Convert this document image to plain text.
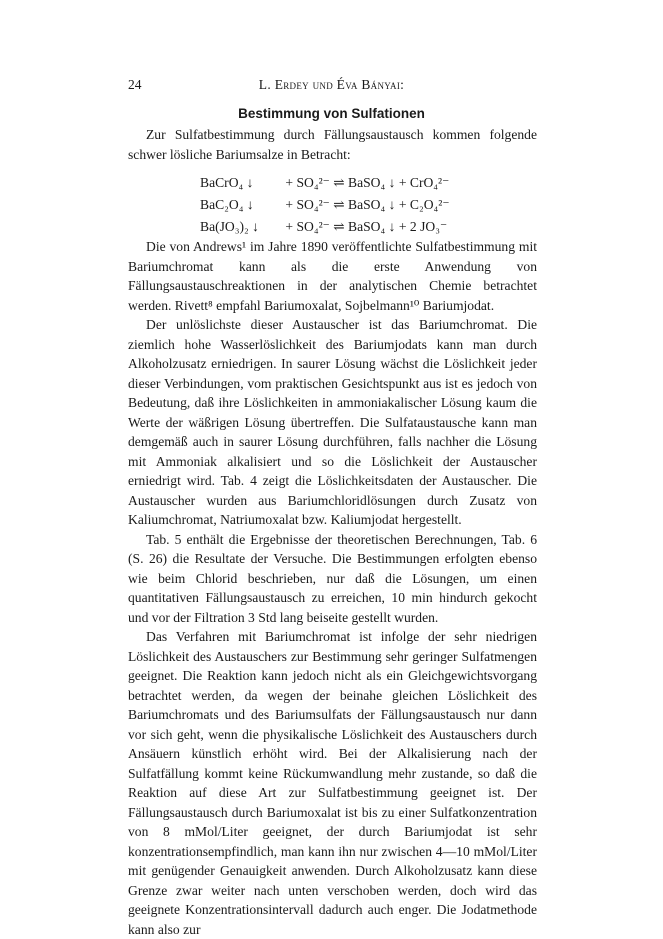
24	L. Erdey und Éva Bányai:
Bestimmung von Sulfationen

Zur Sulfatbestimmung durch Fällungsaustausch kommen folgende schwer lösliche Bariumsalze in Betracht:

BaCrO₄ ↓ + SO₄²⁻ ⇌ BaSO₄ ↓ + CrO₄²⁻
BaC₂O₄ ↓ + SO₄²⁻ ⇌ BaSO₄ ↓ + C₂O₄²⁻
Ba(JO₃)₂ ↓ + SO₄²⁻ ⇌ BaSO₄ ↓ + 2 JO₃⁻

Die von Andrews¹ im Jahre 1890 veröffentlichte Sulfatbestimmung mit Bariumchromat kann als die erste Anwendung von Fällungsaustauschreaktionen in der analytischen Chemie betrachtet werden. Rivett⁸ empfahl Bariumoxalat, Sojbelmann¹⁰ Bariumjodat.

Der unlöslichste dieser Austauscher ist das Bariumchromat. Die ziemlich hohe Wasserlöslichkeit des Bariumjodats kann man durch Alkoholzusatz erniedrigen. In saurer Lösung wächst die Löslichkeit jeder dieser Verbindungen, vom praktischen Gesichtspunkt aus ist es jedoch von Bedeutung, daß ihre Löslichkeiten in ammoniakalischer Lösung kaum die Werte der wäßrigen Lösung übertreffen. Die Sulfataustausche kann man demgemäß auch in saurer Lösung durchführen, falls nachher die Lösung mit Ammoniak alkalisiert und so die Löslichkeit der Austauscher erniedrigt wird. Tab. 4 zeigt die Löslichkeitsdaten der Austauscher. Die Austauscher wurden aus Bariumchloridlösungen durch Zusatz von Kaliumchromat, Natriumoxalat bzw. Kaliumjodat hergestellt.

Tab. 5 enthält die Ergebnisse der theoretischen Berechnungen, Tab. 6 (S. 26) die Resultate der Versuche. Die Bestimmungen erfolgten ebenso wie beim Chlorid beschrieben, nur daß die Lösungen, um einen quantitativen Fällungsaustausch zu erreichen, 10 min hindurch gekocht und vor der Filtration 3 Std lang beiseite gestellt wurden.

Das Verfahren mit Bariumchromat ist infolge der sehr niedrigen Löslichkeit des Austauschers zur Bestimmung sehr geringer Sulfatmengen geeignet. Die Reaktion kann jedoch nicht als ein Gleichgewichtsvorgang betrachtet werden, da wegen der beinahe gleichen Löslichkeit des Bariumchromats und des Bariumsulfats der Fällungsaustausch nur dann vor sich geht, wenn die physikalische Löslichkeit des Austauschers durch Ansäuern künstlich erhöht wird. Bei der Alkalisierung nach der Sulfatfällung kommt keine Rückumwandlung mehr zustande, so daß die Reaktion auf diese Art zur Sulfatbestimmung geeignet ist. Der Fällungsaustausch durch Bariumoxalat ist bis zu einer Sulfatkonzentration von 8 mMol/Liter geeignet, der durch Bariumjodat ist sehr konzentrationsempfindlich, man kann ihn nur zwischen 4—10 mMol/Liter mit genügender Genauigkeit anwenden. Durch Alkoholzusatz kann diese Grenze zwar weiter nach unten verschoben werden, doch wird das geeignete Konzentrationsintervall dadurch auch enger. Die Jodatmethode kann also zur
